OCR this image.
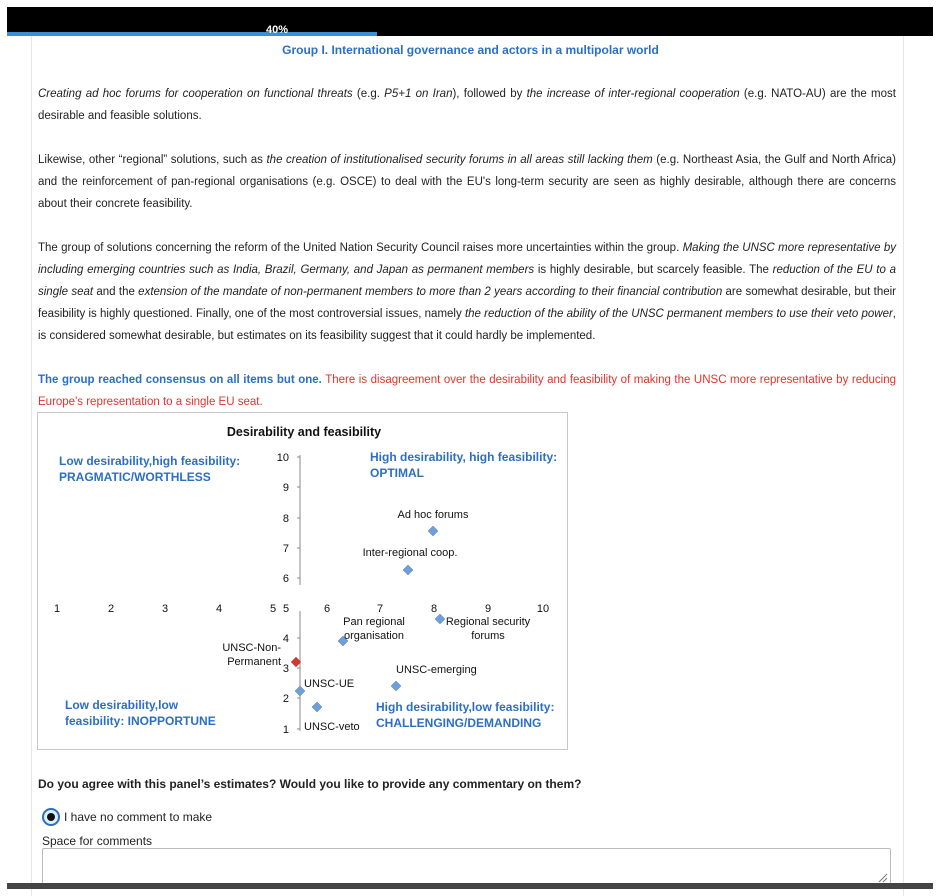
40%
Group I. International governance and actors in a multipolar world

Creating ad hoc forums for cooperation on functional threats (e.g. P5+1 on Iran), followed by the increase of inter-regional cooperation (e.g. NATO-AU) are the most desirable and feasible solutions.

Likewise, other “regional” solutions, such as the creation of institutionalised security forums in all areas still lacking them (e.g. Northeast Asia, the Gulf and North Africa) and the reinforcement of pan-regional organisations (e.g. OSCE) to deal with the EU's long-term security are seen as highly desirable, although there are concerns about their concrete feasibility.

The group of solutions concerning the reform of the United Nation Security Council raises more uncertainties within the group. Making the UNSC more representative by including emerging countries such as India, Brazil, Germany, and Japan as permanent members is highly desirable, but scarcely feasible. The reduction of the EU to a single seat and the extension of the mandate of non-permanent members to more than 2 years according to their financial contribution are somewhat desirable, but their feasibility is highly questioned. Finally, one of the most controversial issues, namely the reduction of the ability of the UNSC permanent members to use their veto power, is considered somewhat desirable, but estimates on its feasibility suggest that it could hardly be implemented.

The group reached consensus on all items but one. There is disagreement over the desirability and feasibility of making the UNSC more representative by reducing Europe's representation to a single EU seat.

Desirability and feasibility
1	2	3	4	5 5	6	7	8	9	10
10
9
8
7
6
4
3
2
1
Low desirability,high feasibility:
PRAGMATIC/WORTHLESS
High desirability, high feasibility:
OPTIMAL
Low desirability,low
feasibility: INOPPORTUNE
High desirability,low feasibility:
CHALLENGING/DEMANDING
Ad hoc forums
Inter-regional coop.
Regional security
forums
Pan regional
organisation
UNSC-emerging
UNSC-Non-
Permanent
UNSC-UE
UNSC-veto
Do you agree with this panel’s estimates? Would you like to provide any commentary on them?
I have no comment to make
Space for comments
